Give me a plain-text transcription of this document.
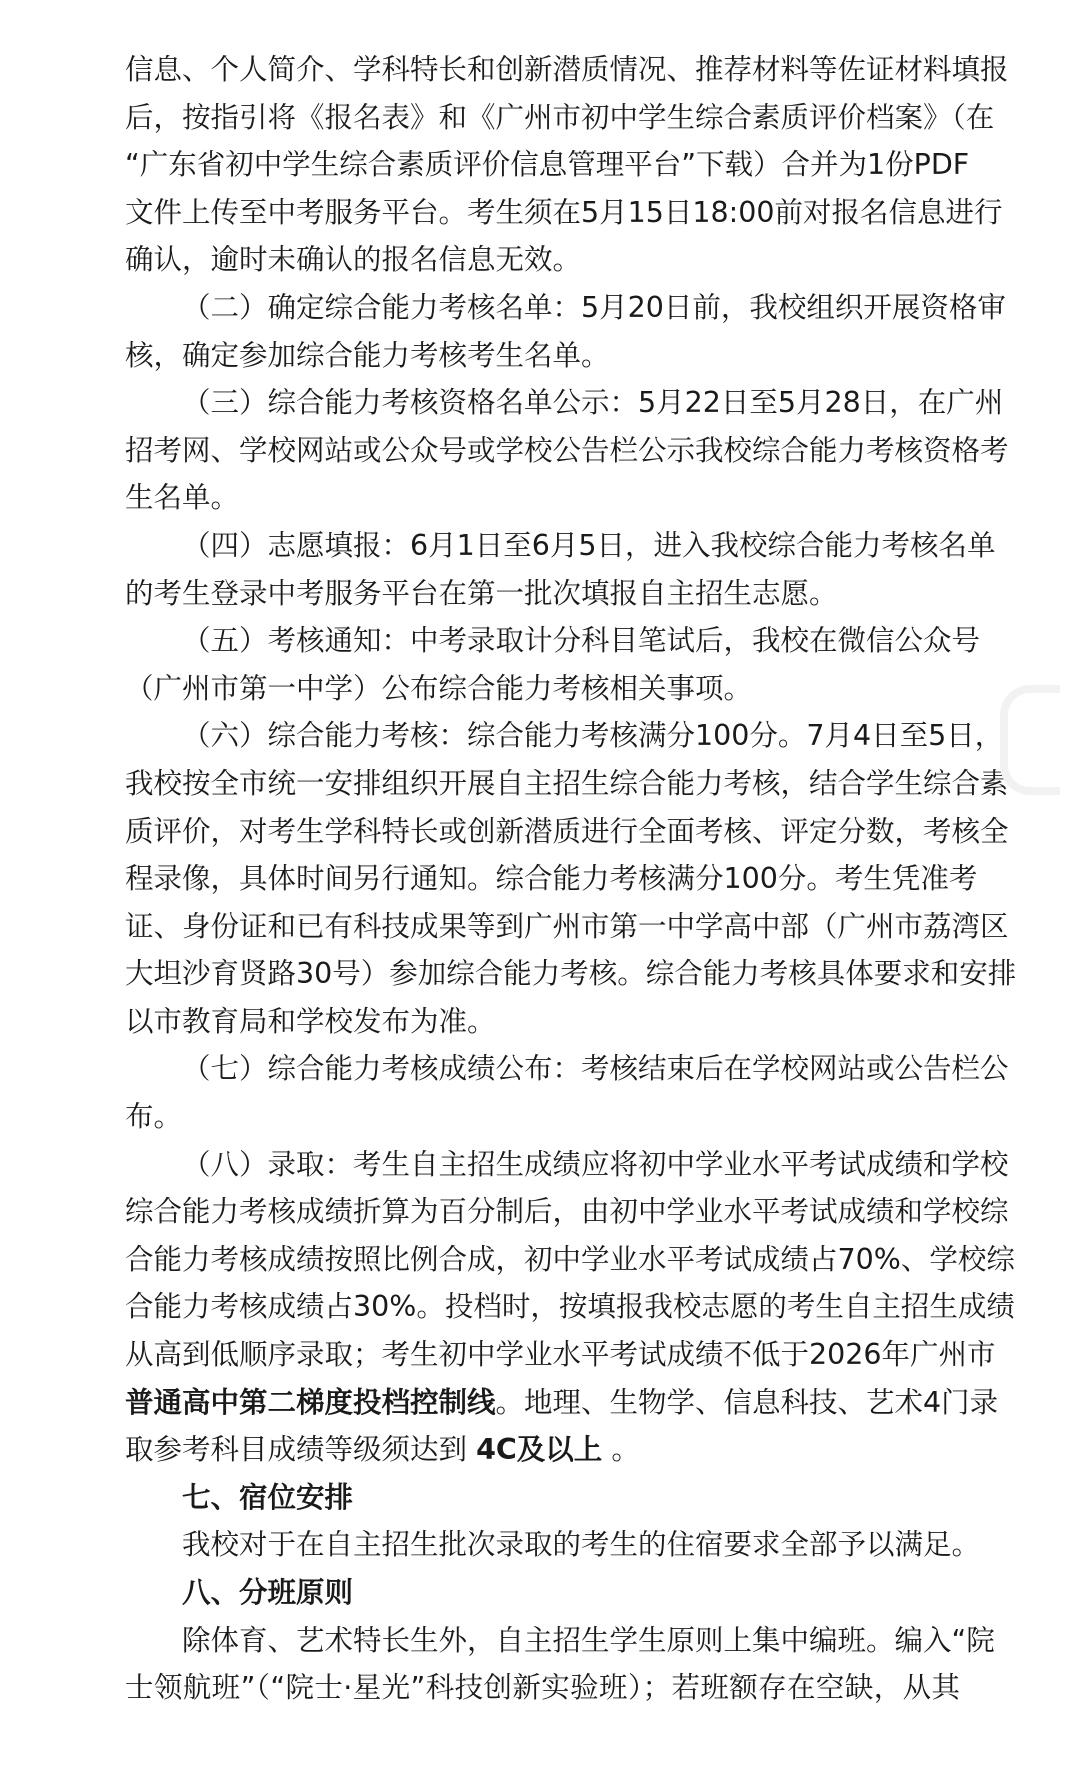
信息、个人简介、学科特长和创新潜质情况、推荐材料等佐证材料填报
后，按指引将《报名表》和《广州市初中学生综合素质评价档案》（在
“广东省初中学生综合素质评价信息管理平台”下载）合并为1份PDF
文件上传至中考服务平台。考生须在5月15日18:00前对报名信息进行
确认，逾时未确认的报名信息无效。
（二）确定综合能力考核名单：5月20日前，我校组织开展资格审
核，确定参加综合能力考核考生名单。
（三）综合能力考核资格名单公示：5月22日至5月28日，在广州
招考网、学校网站或公众号或学校公告栏公示我校综合能力考核资格考
生名单。
（四）志愿填报：6月1日至6月5日，进入我校综合能力考核名单
的考生登录中考服务平台在第一批次填报自主招生志愿。
（五）考核通知：中考录取计分科目笔试后，我校在微信公众号
（广州市第一中学）公布综合能力考核相关事项。
（六）综合能力考核：综合能力考核满分100分。7月4日至5日，
我校按全市统一安排组织开展自主招生综合能力考核，结合学生综合素
质评价，对考生学科特长或创新潜质进行全面考核、评定分数，考核全
程录像，具体时间另行通知。综合能力考核满分100分。考生凭准考
证、身份证和已有科技成果等到广州市第一中学高中部（广州市荔湾区
大坦沙育贤路30号）参加综合能力考核。综合能力考核具体要求和安排
以市教育局和学校发布为准。
（七）综合能力考核成绩公布：考核结束后在学校网站或公告栏公
布。
（八）录取：考生自主招生成绩应将初中学业水平考试成绩和学校
综合能力考核成绩折算为百分制后，由初中学业水平考试成绩和学校综
合能力考核成绩按照比例合成，初中学业水平考试成绩占70%、学校综
合能力考核成绩占30%。投档时，按填报我校志愿的考生自主招生成绩
从高到低顺序录取；考生初中学业水平考试成绩不低于2026年广州市
普通高中第二梯度投档控制线。地理、生物学、信息科技、艺术4门录
取参考科目成绩等级须达到 4C及以上 。
七、宿位安排
我校对于在自主招生批次录取的考生的住宿要求全部予以满足。
八、分班原则
除体育、艺术特长生外，自主招生学生原则上集中编班。编入“院
士领航班”（“院士·星光”科技创新实验班）；若班额存在空缺，从其
